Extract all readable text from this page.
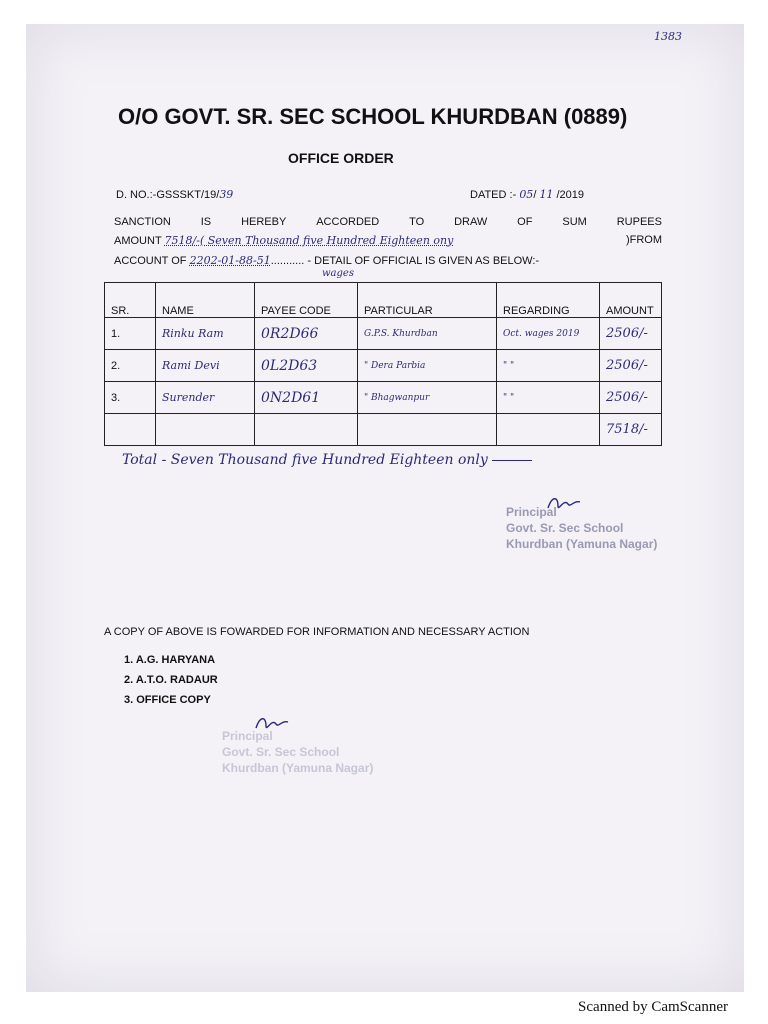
1383
O/O GOVT. SR. SEC SCHOOL KHURDBAN (0889)
OFFICE ORDER
D. NO.:-GSSSKT/19/39	DATED :- 05/ 11 /2019
SANCTION	IS	HEREBY	ACCORDED	TO	DRAW	OF	SUM	RUPEES
AMOUNT 7518/-( Seven Thousand five Hundred Eighteen ony	)FROM
ACCOUNT OF 2202-01-88-51........... - DETAIL OF OFFICIAL IS GIVEN AS BELOW:-
wages
SR.	NAME	PAYEE CODE	PARTICULAR	REGARDING	AMOUNT
1.	Rinku Ram	0R2D66	G.P.S. Khurdban	Oct. wages 2019	2506/-
2.	Rami Devi	0L2D63	" Dera Parbia	" "	2506/-
3.	Surender	0N2D61	" Bhagwanpur	" "	2506/-
					7518/-
Total - Seven Thousand five Hundred Eighteen only
Principal
Govt. Sr. Sec School
Khurdban (Yamuna Nagar)
A COPY OF ABOVE IS FOWARDED FOR INFORMATION AND NECESSARY ACTION
1. A.G. HARYANA
2. A.T.O. RADAUR
3. OFFICE COPY
Principal
Govt. Sr. Sec School
Khurdban (Yamuna Nagar)
Scanned by CamScanner
